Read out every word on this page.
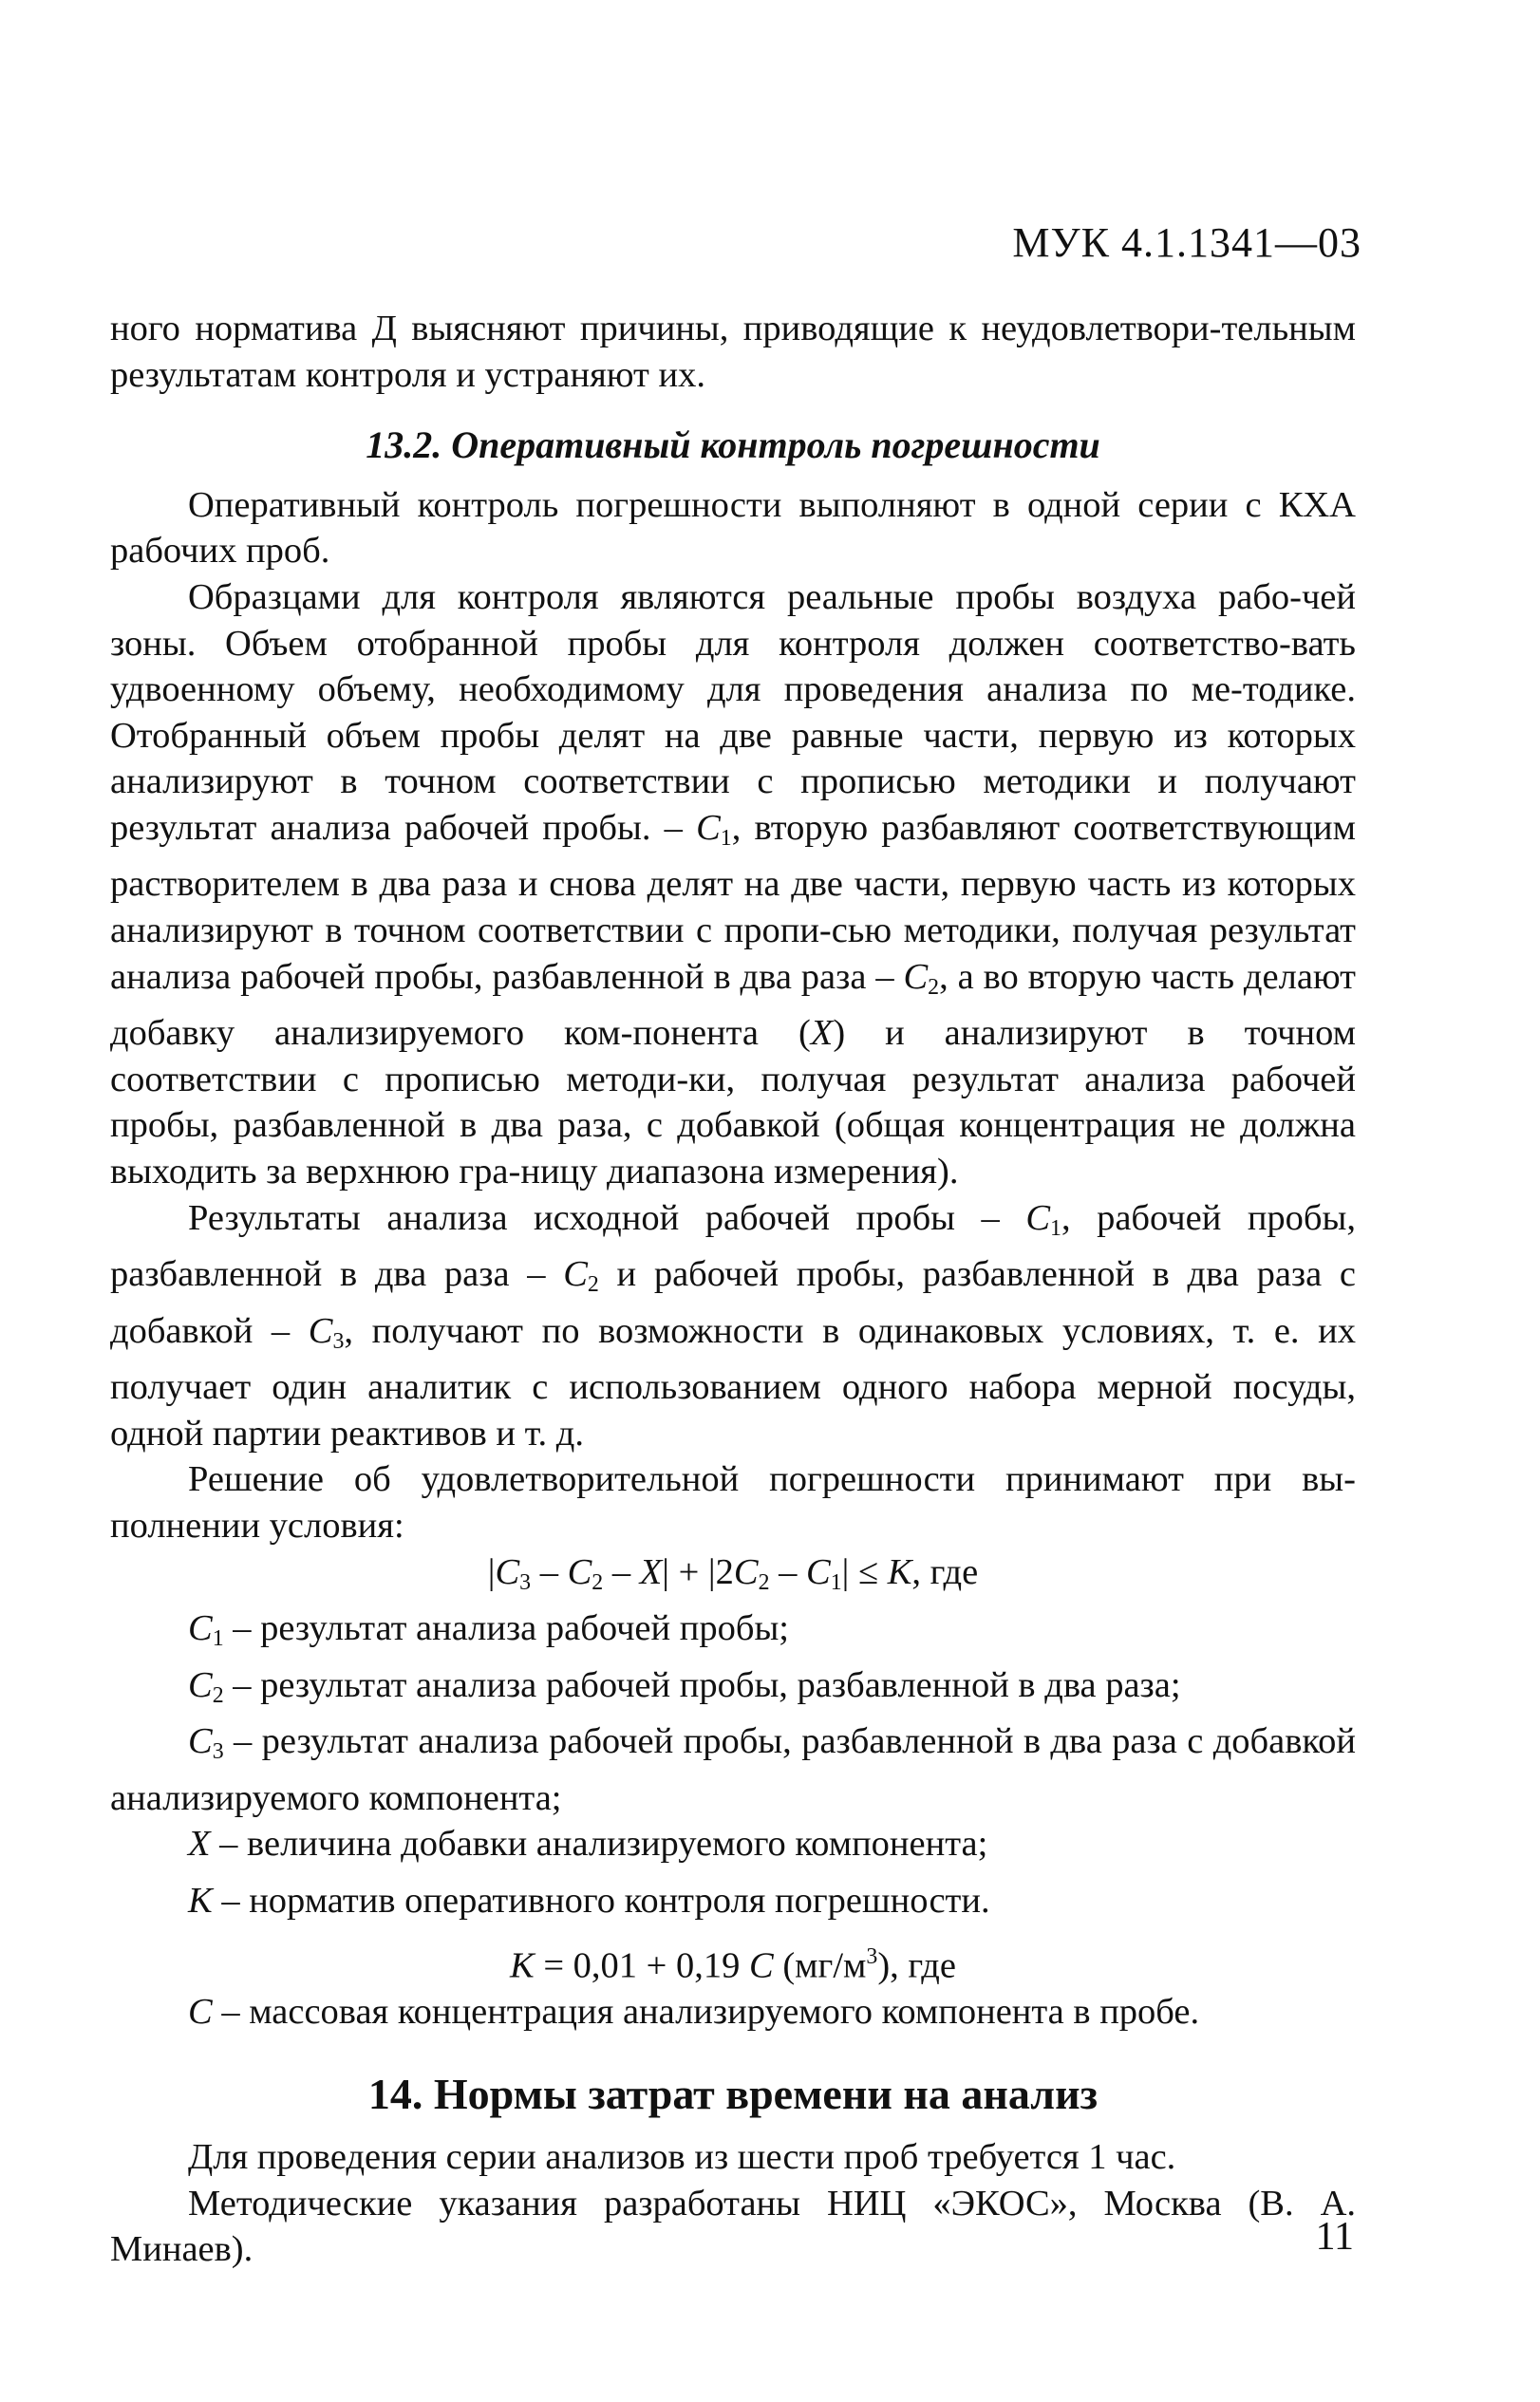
МУК 4.1.1341—03

ного норматива Д выясняют причины, приводящие к неудовлетвори-тельным результатам контроля и устраняют их.

13.2. Оперативный контроль погрешности

Оперативный контроль погрешности выполняют в одной серии с КХА рабочих проб.

Образцами для контроля являются реальные пробы воздуха рабо-чей зоны. Объем отобранной пробы для контроля должен соответство-вать удвоенному объему, необходимому для проведения анализа по ме-тодике. Отобранный объем пробы делят на две равные части, первую из которых анализируют в точном соответствии с прописью методики и получают результат анализа рабочей пробы. – $C_1$, вторую разбавляют соответствующим растворителем в два раза и снова делят на две части, первую часть из которых анализируют в точном соответствии с пропи-сью методики, получая результат анализа рабочей пробы, разбавленной в два раза – $C_2$, а во вторую часть делают добавку анализируемого ком-понента (X) и анализируют в точном соответствии с прописью методи-ки, получая результат анализа рабочей пробы, разбавленной в два раза, с добавкой (общая концентрация не должна выходить за верхнюю гра-ницу диапазона измерения).

Результаты анализа исходной рабочей пробы – $C_1$, рабочей пробы, разбавленной в два раза – $C_2$ и рабочей пробы, разбавленной в два раза с добавкой – $C_3$, получают по возможности в одинаковых условиях, т. е. их получает один аналитик с использованием одного набора мерной посуды, одной партии реактивов и т. д.

Решение об удовлетворительной погрешности принимают при вы-полнении условия:

$|C_3 - C_2 - X| + |2C_2 - C_1| \le K$, где

$C_1$ – результат анализа рабочей пробы;

$C_2$ – результат анализа рабочей пробы, разбавленной в два раза;

$C_3$ – результат анализа рабочей пробы, разбавленной в два раза с добавкой анализируемого компонента;

X – величина добавки анализируемого компонента;

K – норматив оперативного контроля погрешности.

K = 0,01 + 0,19 C $(мг/м^3)$, где

C – массовая концентрация анализируемого компонента в пробе.

14. Нормы затрат времени на анализ

Для проведения серии анализов из шести проб требуется 1 час.

Методические указания разработаны НИЦ «ЭКОС», Москва (В. А. Минаев).	11
